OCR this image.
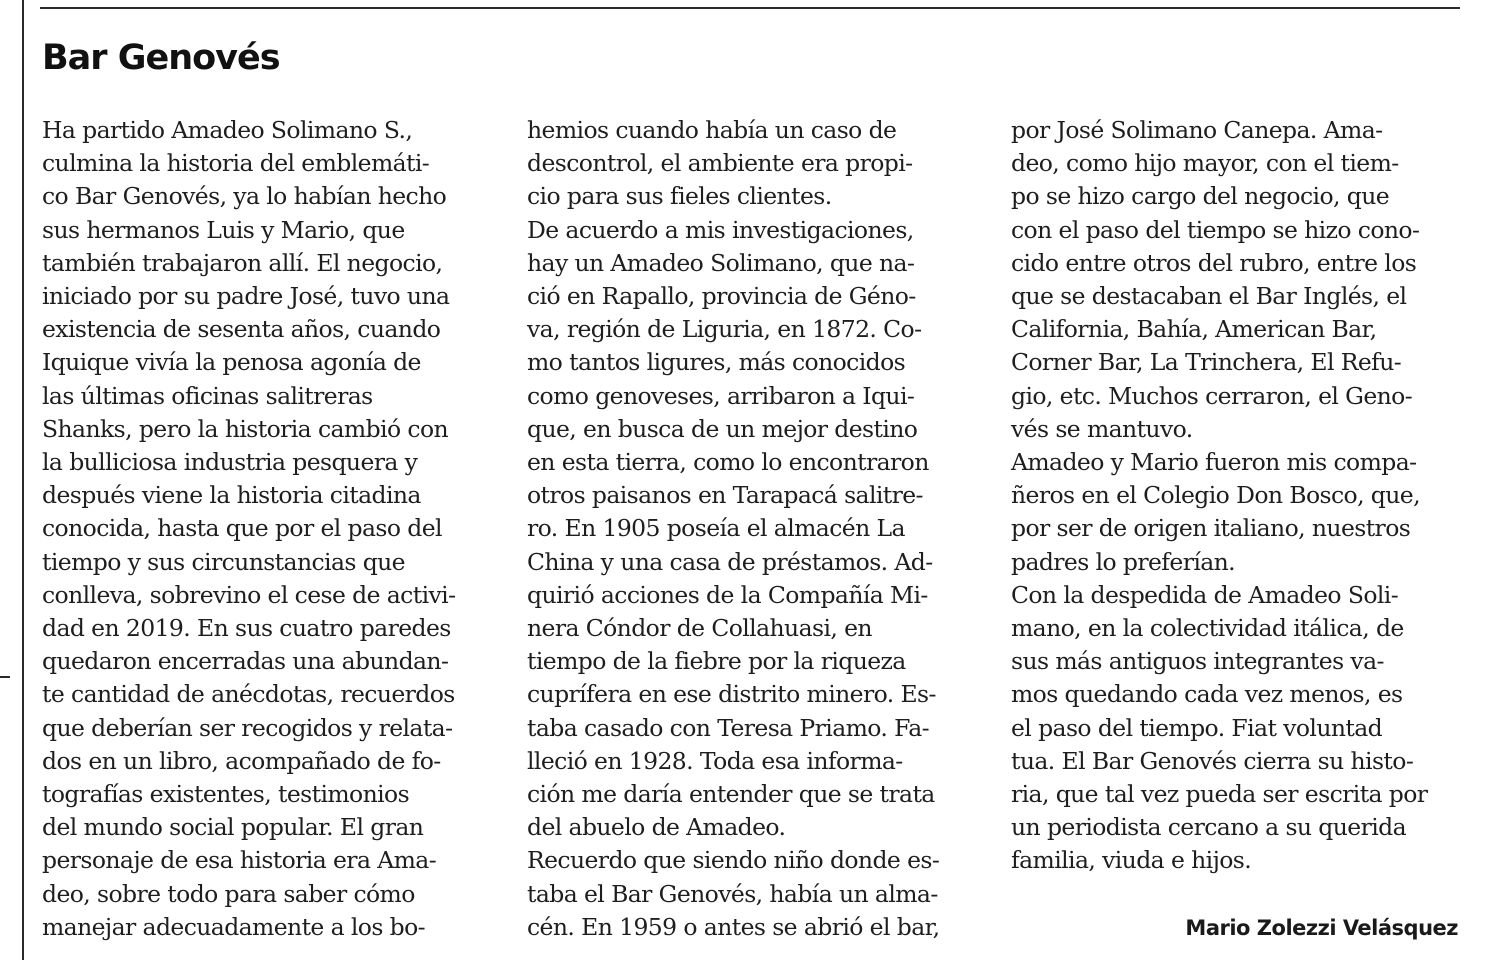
Bar Genovés
Ha partido Amadeo Solimano S.,
culmina la historia del emblemáti-
co Bar Genovés, ya lo habían hecho
sus hermanos Luis y Mario, que
también trabajaron allí. El negocio,
iniciado por su padre José, tuvo una
existencia de sesenta años, cuando
Iquique vivía la penosa agonía de
las últimas oficinas salitreras
Shanks, pero la historia cambió con
la bulliciosa industria pesquera y
después viene la historia citadina
conocida, hasta que por el paso del
tiempo y sus circunstancias que
conlleva, sobrevino el cese de activi-
dad en 2019. En sus cuatro paredes
quedaron encerradas una abundan-
te cantidad de anécdotas, recuerdos
que deberían ser recogidos y relata-
dos en un libro, acompañado de fo-
tografías existentes, testimonios
del mundo social popular. El gran
personaje de esa historia era Ama-
deo, sobre todo para saber cómo
manejar adecuadamente a los bo-
hemios cuando había un caso de
descontrol, el ambiente era propi-
cio para sus fieles clientes.
De acuerdo a mis investigaciones,
hay un Amadeo Solimano, que na-
ció en Rapallo, provincia de Géno-
va, región de Liguria, en 1872. Co-
mo tantos ligures, más conocidos
como genoveses, arribaron a Iqui-
que, en busca de un mejor destino
en esta tierra, como lo encontraron
otros paisanos en Tarapacá salitre-
ro. En 1905 poseía el almacén La
China y una casa de préstamos. Ad-
quirió acciones de la Compañía Mi-
nera Cóndor de Collahuasi, en
tiempo de la fiebre por la riqueza
cuprífera en ese distrito minero. Es-
taba casado con Teresa Priamo. Fa-
lleció en 1928. Toda esa informa-
ción me daría entender que se trata
del abuelo de Amadeo.
Recuerdo que siendo niño donde es-
taba el Bar Genovés, había un alma-
cén. En 1959 o antes se abrió el bar,
por José Solimano Canepa. Ama-
deo, como hijo mayor, con el tiem-
po se hizo cargo del negocio, que
con el paso del tiempo se hizo cono-
cido entre otros del rubro, entre los
que se destacaban el Bar Inglés, el
California, Bahía, American Bar,
Corner Bar, La Trinchera, El Refu-
gio, etc. Muchos cerraron, el Geno-
vés se mantuvo.
Amadeo y Mario fueron mis compa-
ñeros en el Colegio Don Bosco, que,
por ser de origen italiano, nuestros
padres lo preferían.
Con la despedida de Amadeo Soli-
mano, en la colectividad itálica, de
sus más antiguos integrantes va-
mos quedando cada vez menos, es
el paso del tiempo. Fiat voluntad
tua. El Bar Genovés cierra su histo-
ria, que tal vez pueda ser escrita por
un periodista cercano a su querida
familia, viuda e hijos.

Mario Zolezzi Velásquez
